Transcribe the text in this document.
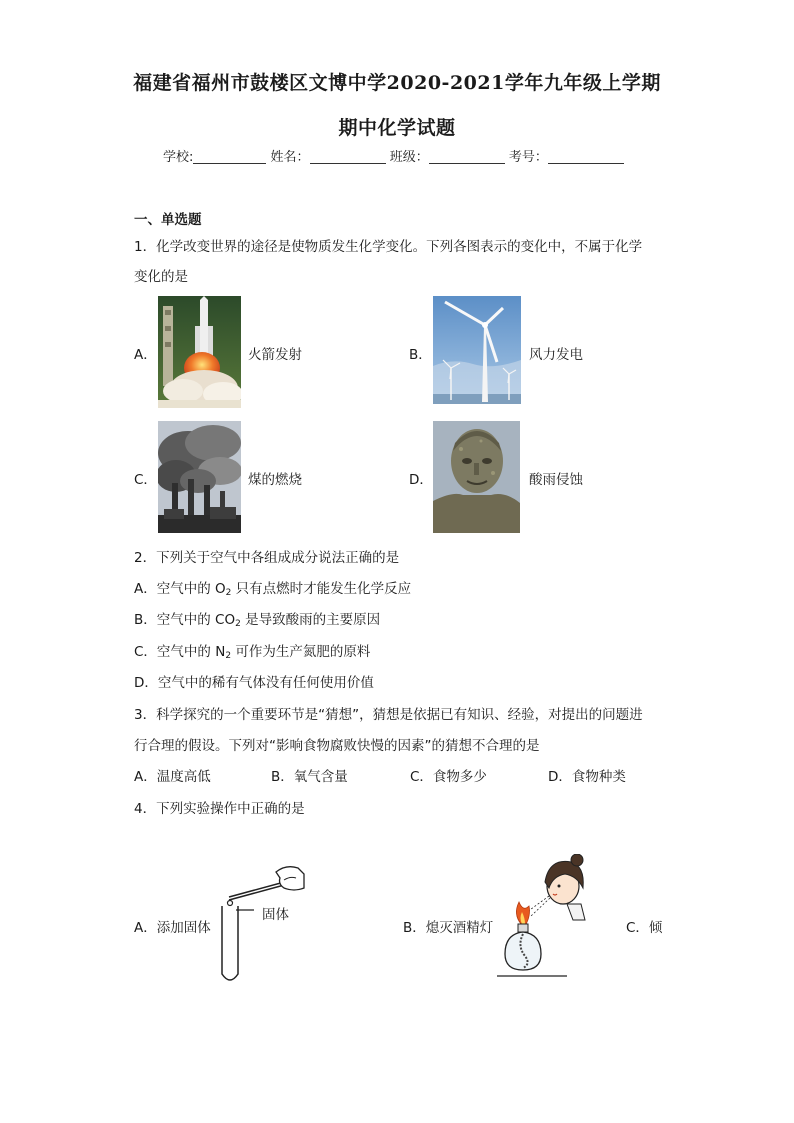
福建省福州市鼓楼区文博中学2020-2021学年九年级上学期
期中化学试题
学校:	姓名：	班级：	考号：
一、单选题
1．化学改变世界的途径是使物质发生化学变化。下列各图表示的变化中，不属于化学
变化的是
A．	火箭发射	B．	风力发电
C．	煤的燃烧	D．	酸雨侵蚀
2．下列关于空气中各组成成分说法正确的是
A．空气中的 $O_2$ 只有点燃时才能发生化学反应
B．空气中的 $CO_2$ 是导致酸雨的主要原因
C．空气中的 $N_2$ 可作为生产氮肥的原料
D．空气中的稀有气体没有任何使用价值
3．科学探究的一个重要环节是“猜想”，猜想是依据已有知识、经验，对提出的问题进
行合理的假设。下列对“影响食物腐败快慢的因素”的猜想不合理的是
A．温度高低	B．氧气含量	C．食物多少	D．食物种类
4．下列实验操作中正确的是
A．添加固体
固体
B．熄灭酒精灯	C．倾
